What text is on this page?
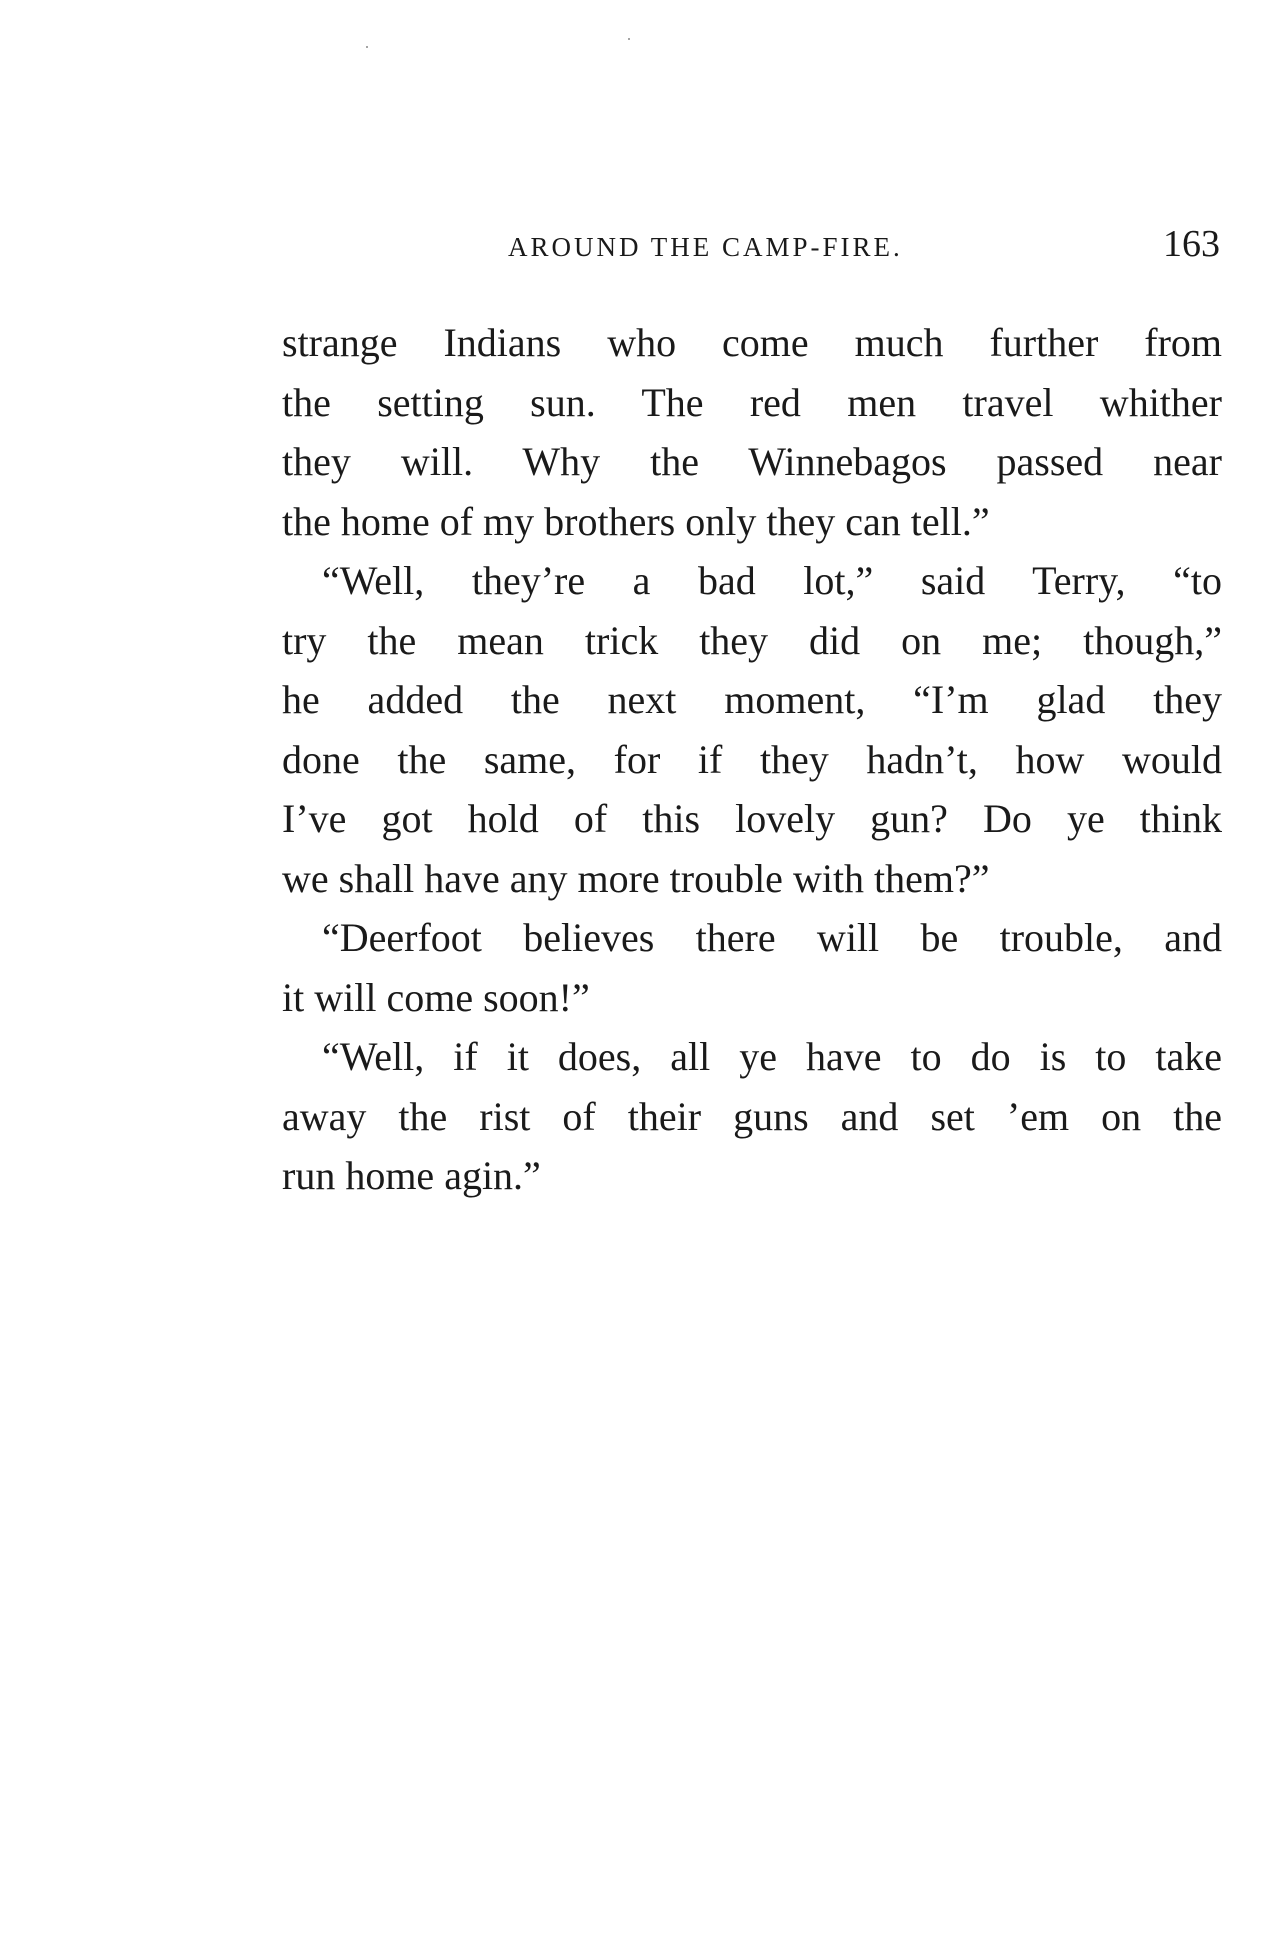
AROUND THE CAMP-FIRE.	163
strange Indians who come much further from
the setting sun. The red men travel whither
they will. Why the Winnebagos passed near
the home of my brothers only they can tell.”
“Well, they’re a bad lot,” said Terry, “to
try the mean trick they did on me; though,”
he added the next moment, “I’m glad they
done the same, for if they hadn’t, how would
I’ve got hold of this lovely gun? Do ye think
we shall have any more trouble with them?”
“Deerfoot believes there will be trouble, and
it will come soon!”
“Well, if it does, all ye have to do is to take
away the rist of their guns and set ’em on the
run home agin.”
